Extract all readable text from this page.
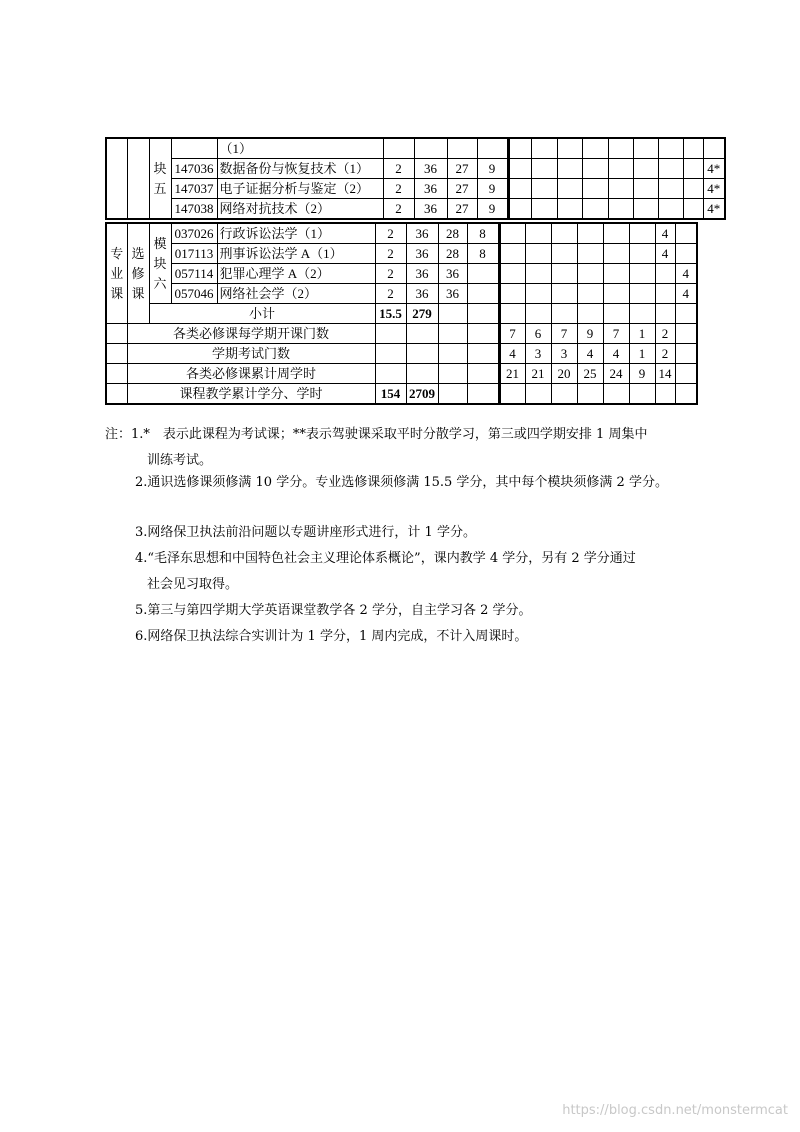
		块五		（1）													
			147036	数据备份与恢复技术（1）	2	36	27	9									4*
			147037	电子证据分析与鉴定（2）	2	36	27	9									4*
			147038	网络对抗技术（2）	2	36	27	9									4*
专业课	选修课	模块六	037026	行政诉讼法学（1）	2	36	28	8							4	
			017113	刑事诉讼法学 A（1）	2	36	28	8							4	
			057114	犯罪心理学 A（2）	2	36	36									4
			057046	网络社会学（2）	2	36	36									4
		小计			15.5	279										
	各类必修课每学期开课门数								7	6	7	9	7	1	2	
	学期考试门数								4	3	3	4	4	1	2	
	各类必修课累计周学时								21	21	20	25	24	9	14	
	课程教学累计学分、学时				154	2709										
注：1.*　表示此课程为考试课；**表示驾驶课采取平时分散学习，第三或四学期安排 1 周集中
训练考试。
2.通识选修课须修满 10 学分。专业选修课须修满 15.5 学分，其中每个模块须修满 2 学分。
3.网络保卫执法前沿问题以专题讲座形式进行，计 1 学分。
4.“毛泽东思想和中国特色社会主义理论体系概论”，课内教学 4 学分，另有 2 学分通过
社会见习取得。
5.第三与第四学期大学英语课堂教学各 2 学分，自主学习各 2 学分。
6.网络保卫执法综合实训计为 1 学分，1 周内完成，不计入周课时。
https://blog.csdn.net/monstermcat
